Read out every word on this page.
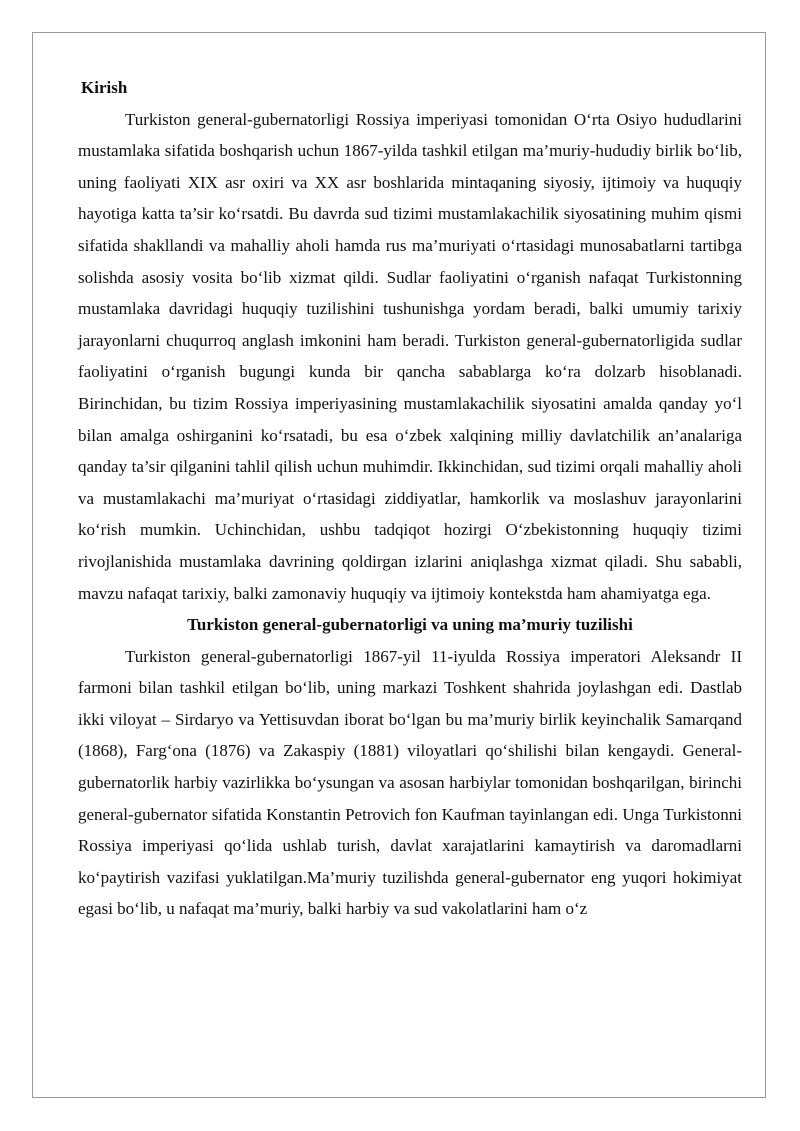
Kirish

Turkiston general-gubernatorligi Rossiya imperiyasi tomonidan O‘rta Osiyo hududlarini mustamlaka sifatida boshqarish uchun 1867-yilda tashkil etilgan ma’muriy-hududiy birlik bo‘lib, uning faoliyati XIX asr oxiri va XX asr boshlarida mintaqaning siyosiy, ijtimoiy va huquqiy hayotiga katta ta’sir ko‘rsatdi. Bu davrda sud tizimi mustamlakachilik siyosatining muhim qismi sifatida shakllandi va mahalliy aholi hamda rus ma’muriyati o‘rtasidagi munosabatlarni tartibga solishda asosiy vosita bo‘lib xizmat qildi. Sudlar faoliyatini o‘rganish nafaqat Turkistonning mustamlaka davridagi huquqiy tuzilishini tushunishga yordam beradi, balki umumiy tarixiy jarayonlarni chuqurroq anglash imkonini ham beradi. Turkiston general-gubernatorligida sudlar faoliyatini o‘rganish bugungi kunda bir qancha sabablarga ko‘ra dolzarb hisoblanadi. Birinchidan, bu tizim Rossiya imperiyasining mustamlakachilik siyosatini amalda qanday yo‘l bilan amalga oshirganini ko‘rsatadi, bu esa o‘zbek xalqining milliy davlatchilik an’analariga qanday ta’sir qilganini tahlil qilish uchun muhimdir. Ikkinchidan, sud tizimi orqali mahalliy aholi va mustamlakachi ma’muriyat o‘rtasidagi ziddiyatlar, hamkorlik va moslashuv jarayonlarini ko‘rish mumkin. Uchinchidan, ushbu tadqiqot hozirgi O‘zbekistonning huquqiy tizimi rivojlanishida mustamlaka davrining qoldirgan izlarini aniqlashga xizmat qiladi. Shu sababli, mavzu nafaqat tarixiy, balki zamonaviy huquqiy va ijtimoiy kontekstda ham ahamiyatga ega.

Turkiston general-gubernatorligi va uning ma’muriy tuzilishi

Turkiston general-gubernatorligi 1867-yil 11-iyulda Rossiya imperatori Aleksandr II farmoni bilan tashkil etilgan bo‘lib, uning markazi Toshkent shahrida joylashgan edi. Dastlab ikki viloyat – Sirdaryo va Yettisuvdan iborat bo‘lgan bu ma’muriy birlik keyinchalik Samarqand (1868), Farg‘ona (1876) va Zakaspiy (1881) viloyatlari qo‘shilishi bilan kengaydi. General-gubernatorlik harbiy vazirlikka bo‘ysungan va asosan harbiylar tomonidan boshqarilgan, birinchi general-gubernator sifatida Konstantin Petrovich fon Kaufman tayinlangan edi. Unga Turkistonni Rossiya imperiyasi qo‘lida ushlab turish, davlat xarajatlarini kamaytirish va daromadlarni ko‘paytirish vazifasi yuklatilgan.Ma’muriy tuzilishda general-gubernator eng yuqori hokimiyat egasi bo‘lib, u nafaqat ma’muriy, balki harbiy va sud vakolatlarini ham o‘z
